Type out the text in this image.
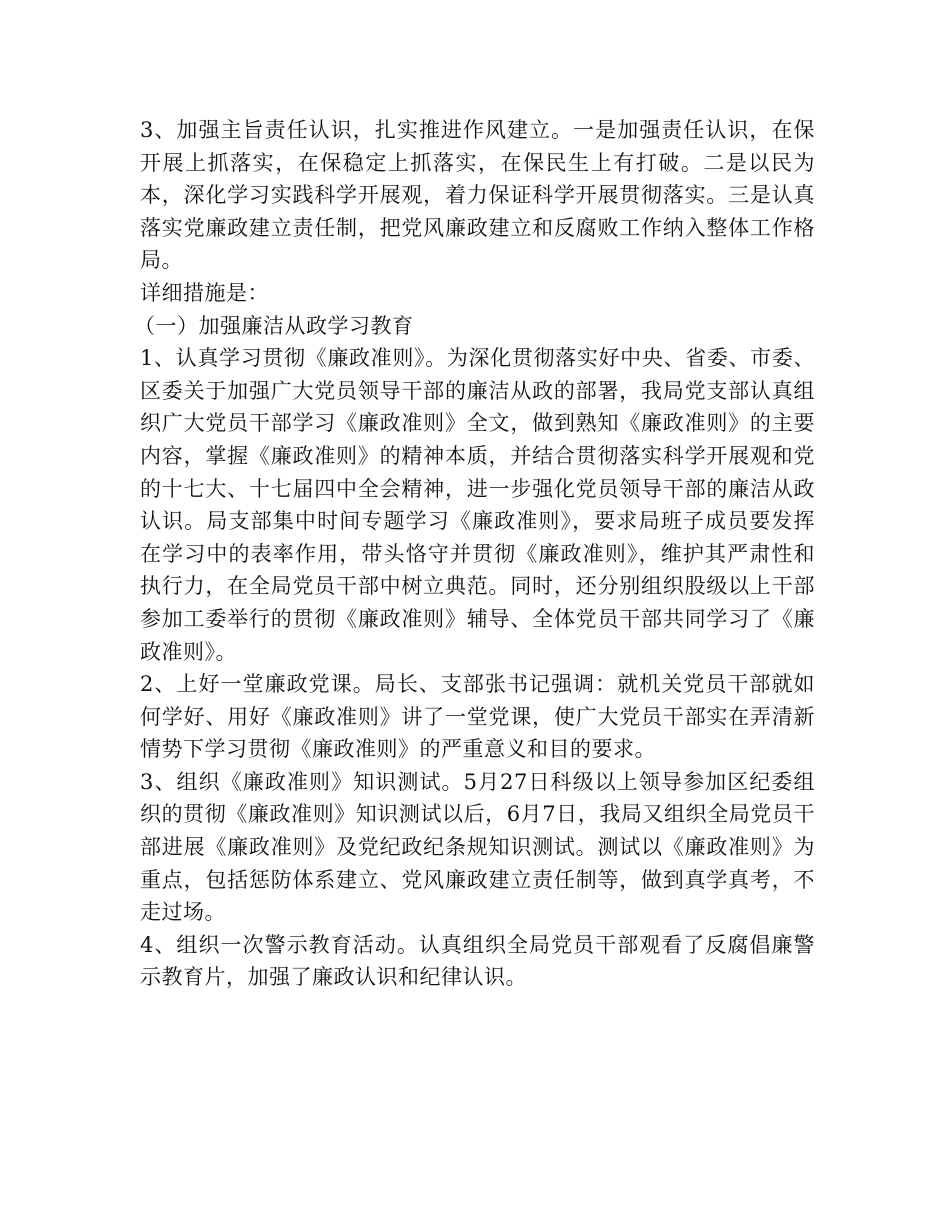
3、加强主旨责任认识，扎实推进作风建立。一是加强责任认识，在保开展上抓落实，在保稳定上抓落实，在保民生上有打破。二是以民为本，深化学习实践科学开展观，着力保证科学开展贯彻落实。三是认真落实党廉政建立责任制，把党风廉政建立和反腐败工作纳入整体工作格局。

详细措施是：

（一）加强廉洁从政学习教育

1、认真学习贯彻《廉政准则》。为深化贯彻落实好中央、省委、市委、区委关于加强广大党员领导干部的廉洁从政的部署，我局党支部认真组织广大党员干部学习《廉政准则》全文，做到熟知《廉政准则》的主要内容，掌握《廉政准则》的精神本质，并结合贯彻落实科学开展观和党的十七大、十七届四中全会精神，进一步强化党员领导干部的廉洁从政认识。局支部集中时间专题学习《廉政准则》，要求局班子成员要发挥在学习中的表率作用，带头恪守并贯彻《廉政准则》，维护其严肃性和执行力，在全局党员干部中树立典范。同时，还分别组织股级以上干部参加工委举行的贯彻《廉政准则》辅导、全体党员干部共同学习了《廉政准则》。

2、上好一堂廉政党课。局长、支部张书记强调：就机关党员干部就如何学好、用好《廉政准则》讲了一堂党课，使广大党员干部实在弄清新情势下学习贯彻《廉政准则》的严重意义和目的要求。

3、组织《廉政准则》知识测试。5月27日科级以上领导参加区纪委组织的贯彻《廉政准则》知识测试以后，6月7日，我局又组织全局党员干部进展《廉政准则》及党纪政纪条规知识测试。测试以《廉政准则》为重点，包括惩防体系建立、党风廉政建立责任制等，做到真学真考，不走过场。

4、组织一次警示教育活动。认真组织全局党员干部观看了反腐倡廉警示教育片，加强了廉政认识和纪律认识。
